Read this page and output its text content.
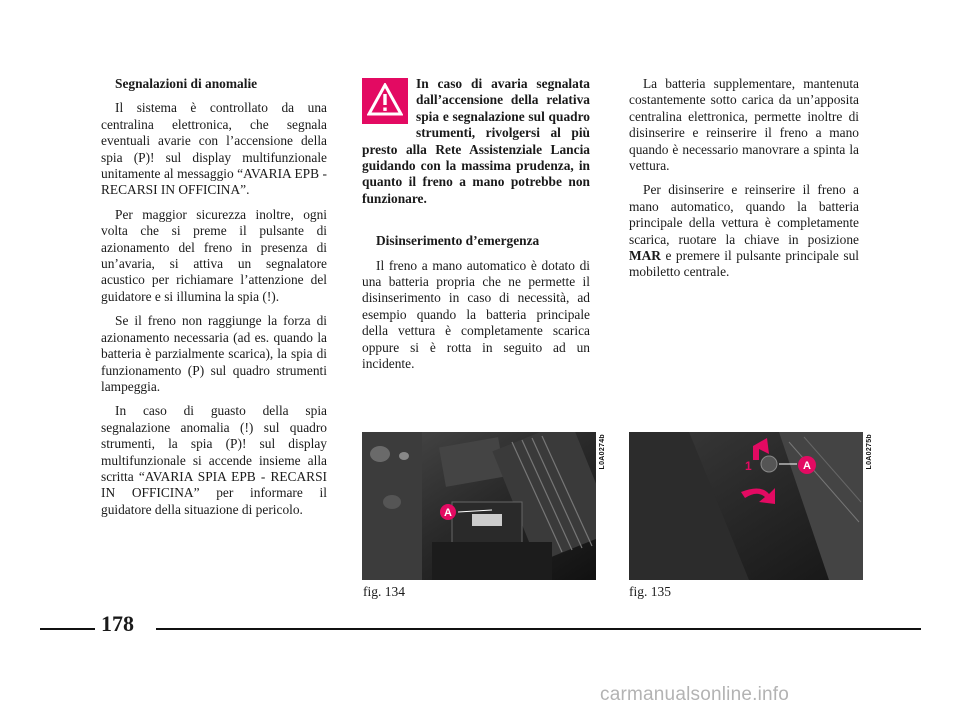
Segnalazioni di anomalie

Il sistema è controllato da una centralina elettronica, che segnala eventuali avarie con l’accensione della spia (P)! sul display multifunzionale unitamente al messaggio “AVARIA EPB - RECARSI IN OFFICINA”.

Per maggior sicurezza inoltre, ogni volta che si preme il pulsante di azionamento del freno in presenza di un’avaria, si attiva un segnalatore acustico per richiamare l’attenzione del guidatore e si illumina la spia (!).

Se il freno non raggiunge la forza di azionamento necessaria (ad es. quando la batteria è parzialmente scarica), la spia di funzionamento (P) sul quadro strumenti lampeggia.

In caso di guasto della spia segnalazione anomalia (!) sul quadro strumenti, la spia (P)! sul display multifunzionale si accende insieme alla scritta “AVARIA SPIA EPB - RECARSI IN OFFICINA” per informare il guidatore della situazione di pericolo.

In caso di avaria segnalata dall’accensione della relativa spia e segnalazione sul quadro strumenti, rivolgersi al più presto alla Rete Assistenziale Lancia guidando con la massima prudenza, in quanto il freno a mano potrebbe non funzionare.

Disinserimento d’emergenza

Il freno a mano automatico è dotato di una batteria propria che ne permette il disinserimento in caso di necessità, ad esempio quando la batteria principale della vettura è completamente scarica oppure si è rotta in seguito ad un incidente.

La batteria supplementare, mantenuta costantemente sotto carica da un’apposita centralina elettronica, permette inoltre di disinserire e reinserire il freno a mano quando è necessario manovrare a spinta la vettura.

Per disinserire e reinserire il freno a mano automatico, quando la batteria principale della vettura è completamente scarica, ruotare la chiave in posizione MAR e premere il pulsante principale sul mobiletto centrale.

A
L0A0274b
fig. 134
A
1	L0A0275b
fig. 135
178
carmanualsonline.info
